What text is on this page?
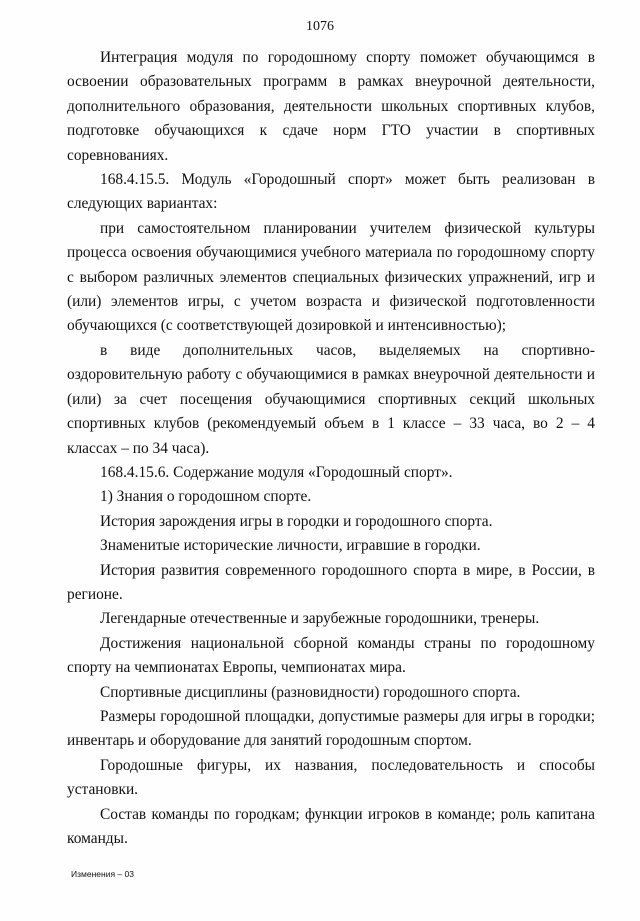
1076

Интеграция модуля по городошному спорту поможет обучающимся в освоении образовательных программ в рамках внеурочной деятельности, дополнительного образования, деятельности школьных спортивных клубов, подготовке обучающихся к сдаче норм ГТО участии в спортивных соревнованиях.

168.4.15.5. Модуль «Городошный спорт» может быть реализован в следующих вариантах:

при самостоятельном планировании учителем физической культуры процесса освоения обучающимися учебного материала по городошному спорту с выбором различных элементов специальных физических упражнений, игр и (или) элементов игры, с учетом возраста и физической подготовленности обучающихся (с соответствующей дозировкой и интенсивностью);

в виде дополнительных часов, выделяемых на спортивно-оздоровительную работу с обучающимися в рамках внеурочной деятельности и (или) за счет посещения обучающимися спортивных секций школьных спортивных клубов (рекомендуемый объем в 1 классе – 33 часа, во 2 – 4 классах – по 34 часа).

168.4.15.6. Содержание модуля «Городошный спорт».

1) Знания о городошном спорте.

История зарождения игры в городки и городошного спорта.

Знаменитые исторические личности, игравшие в городки.

История развития современного городошного спорта в мире, в России, в регионе.

Легендарные отечественные и зарубежные городошники, тренеры.

Достижения национальной сборной команды страны по городошному спорту на чемпионатах Европы, чемпионатах мира.

Спортивные дисциплины (разновидности) городошного спорта.

Размеры городошной площадки, допустимые размеры для игры в городки; инвентарь и оборудование для занятий городошным спортом.

Городошные фигуры, их названия, последовательность и способы установки.

Состав команды по городкам; функции игроков в команде; роль капитана команды.

Изменения – 03
